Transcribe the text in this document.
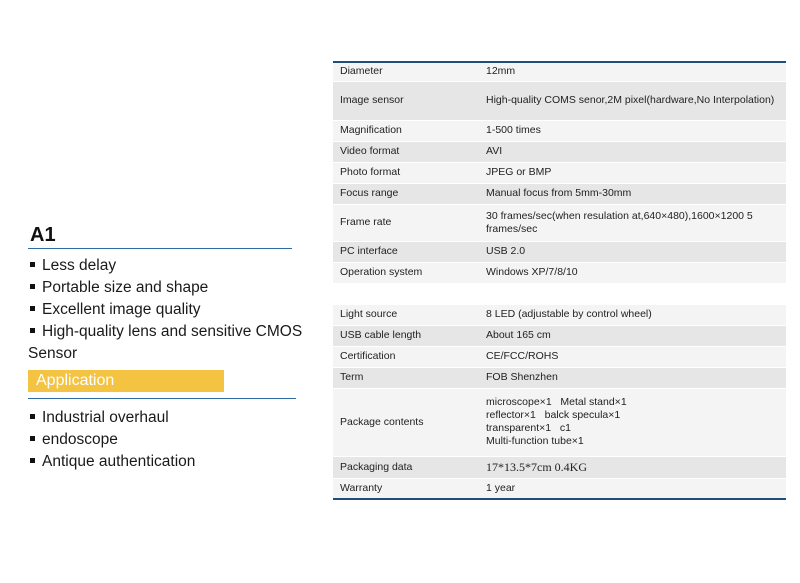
A1
Less delay
Portable size and shape
Excellent image quality
High-quality lens and sensitive CMOS Sensor
Application
Industrial overhaul
endoscope
Antique authentication
Diameter	12mm
Image sensor	High-quality COMS senor,2M pixel(hardware,No Interpolation)
Magnification	1-500 times
Video format	AVI
Photo format	JPEG or BMP
Focus range	Manual focus from 5mm-30mm
Frame rate	30 frames/sec(when resulation at,640×480),1600×1200 5 frames/sec
PC interface	USB 2.0
Operation system	Windows XP/7/8/10

Light source	8 LED (adjustable by control wheel)
USB cable length	About 165 cm
Certification	CE/FCC/ROHS
Term	FOB Shenzhen
Package contents	microscope×1   Metal stand×1
reflector×1   balck specula×1
transparent×1   c1
Multi-function tube×1

Packaging data	17*13.5*7cm 0.4KG
Warranty	1 year
